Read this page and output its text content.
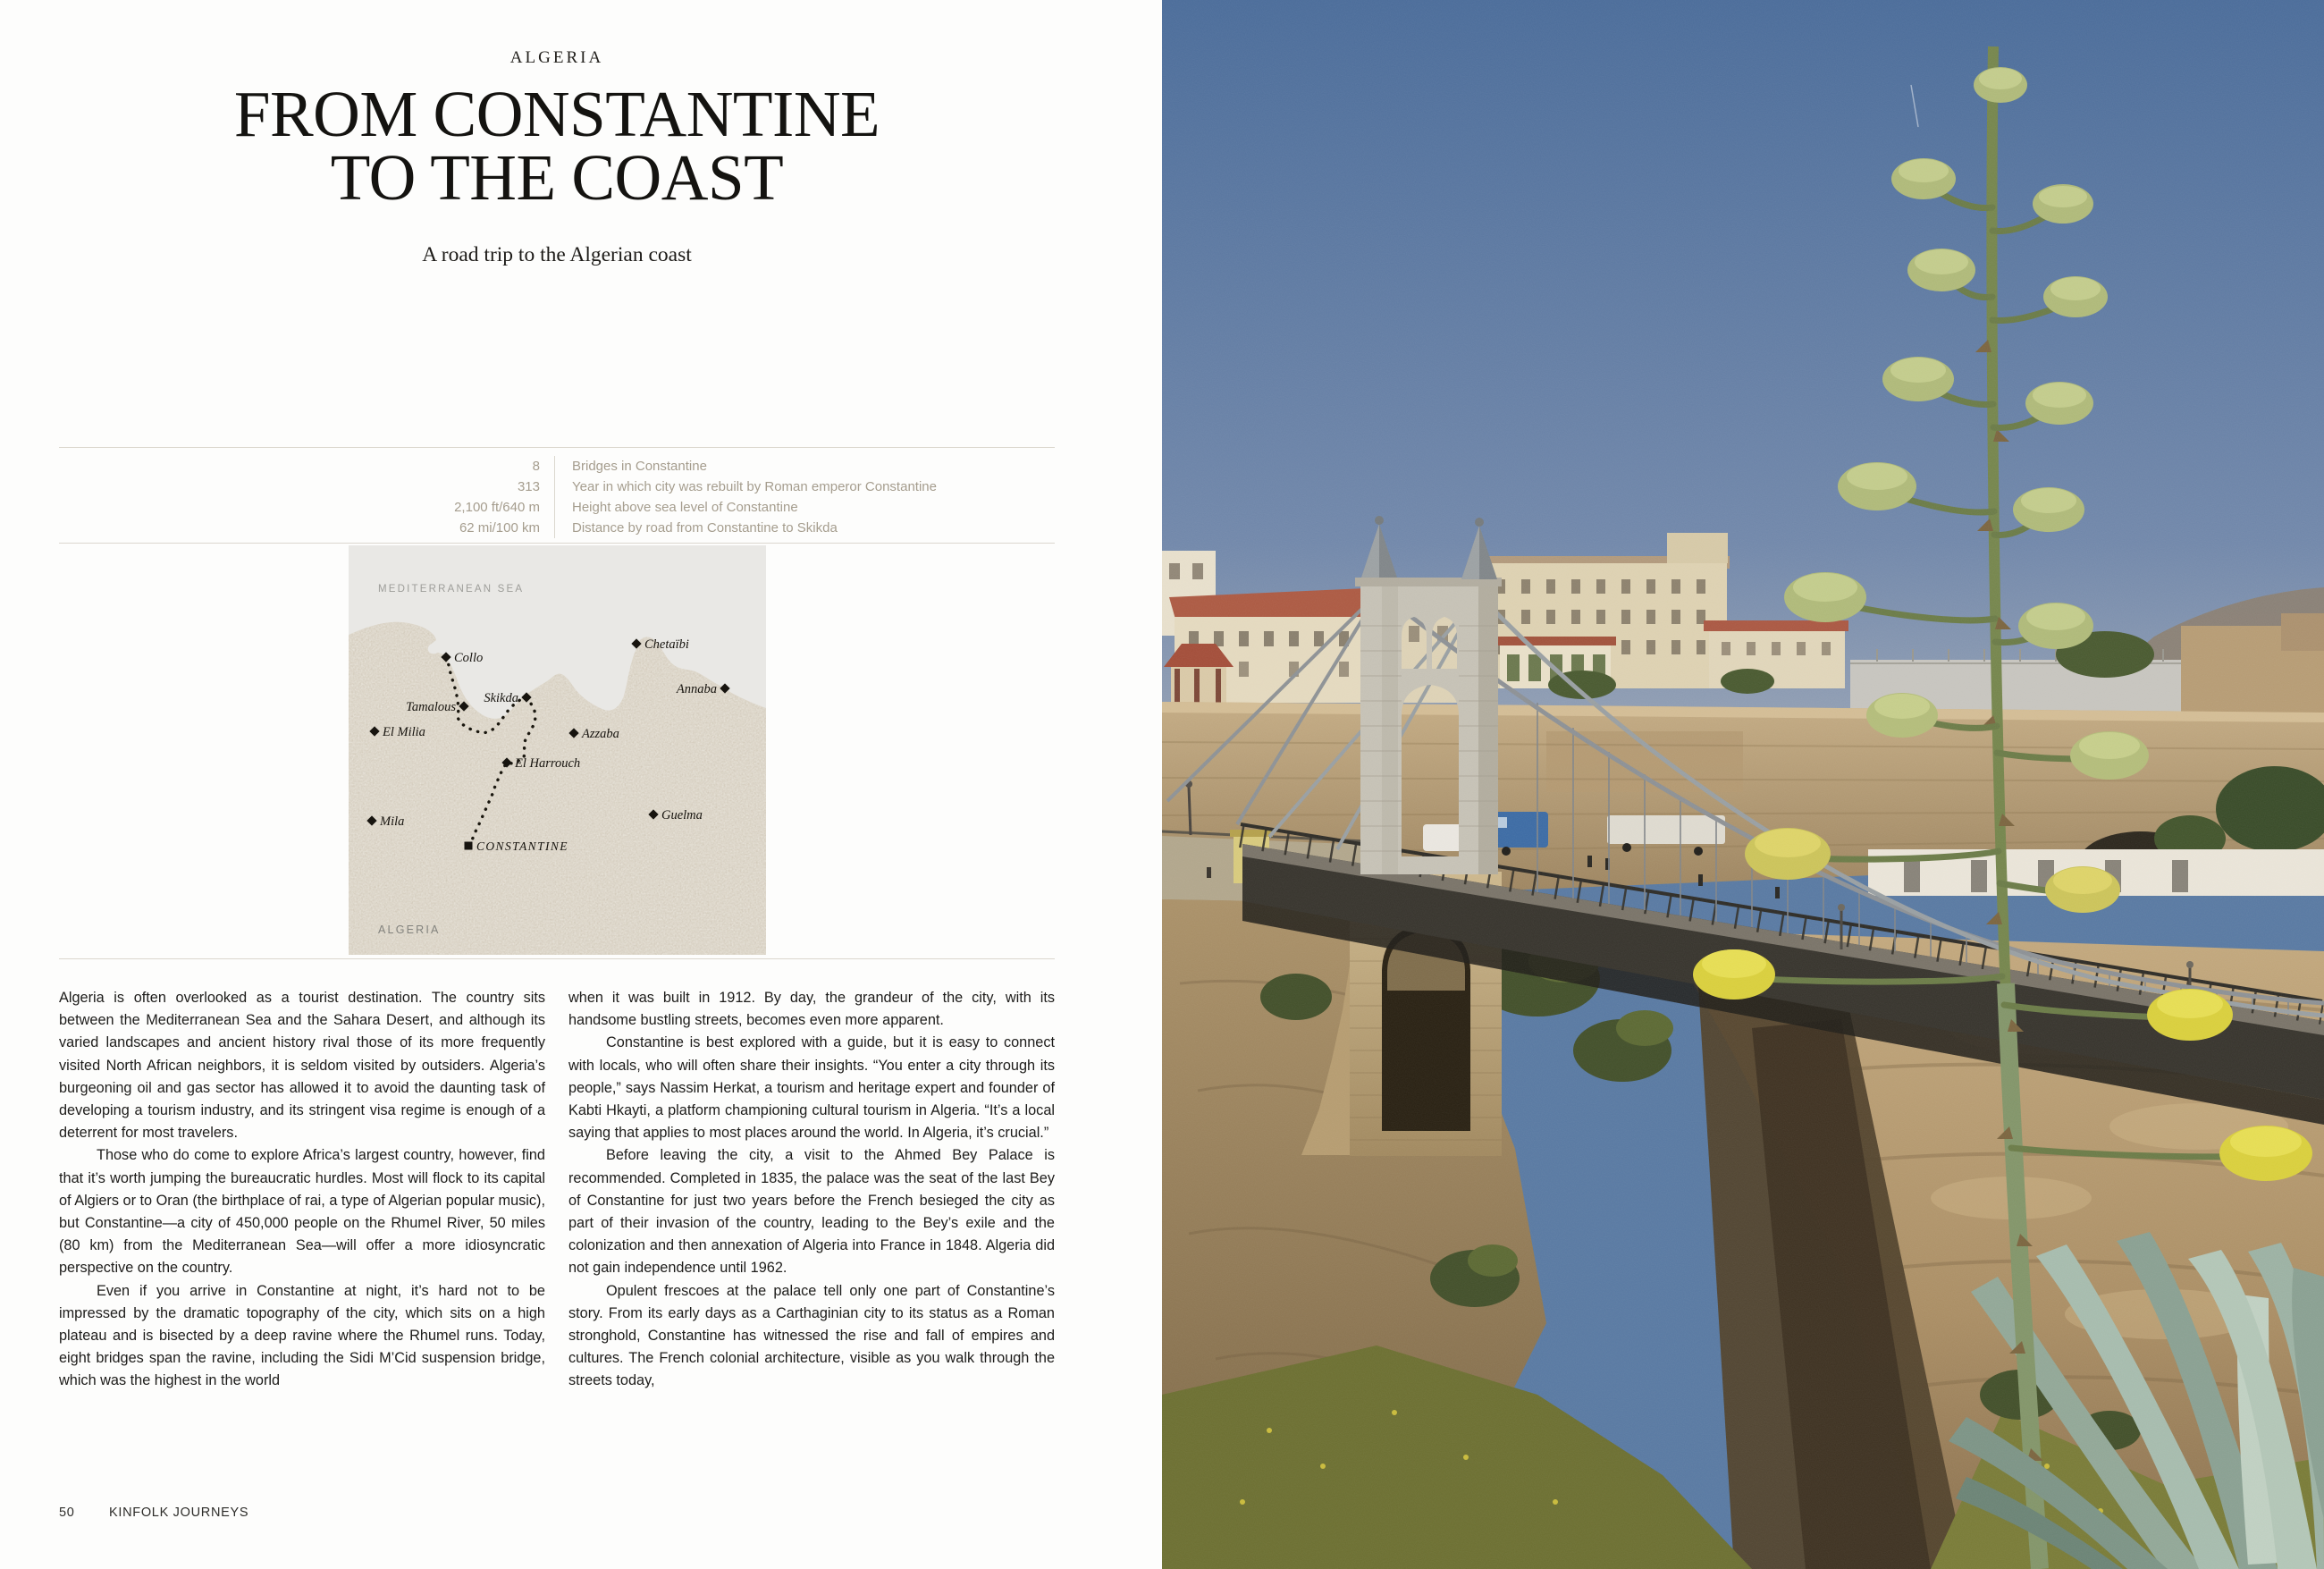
ALGERIA
FROM CONSTANTINE
TO THE COAST
A road trip to the Algerian coast
8	Bridges in Constantine
313	Year in which city was rebuilt by Roman emperor Constantine
2,100 ft/640 m	Height above sea level of Constantine
62 mi/100 km	Distance by road from Constantine to Skikda
MEDITERRANEAN SEA
ALGERIA
Collo
Chetaïbi
Annaba
Tamalous
Skikda
El Milia	Azzaba
El Harrouch
Mila	Guelma
CONSTANTINE

Algeria is often overlooked as a tourist destination. The country sits between the Mediterranean Sea and the Sahara Desert, and although its varied landscapes and ancient history rival those of its more frequently visited North African neighbors, it is seldom visited by outsiders. Algeria’s burgeoning oil and gas sector has allowed it to avoid the daunting task of developing a tourism industry, and its stringent visa regime is enough of a deterrent for most travelers.

Those who do come to explore Africa’s largest country, however, find that it’s worth jumping the bureaucratic hurdles. Most will flock to its capital of Algiers or to Oran (the birthplace of rai, a type of Algerian popular music), but Constantine—a city of 450,000 people on the Rhumel River, 50 miles (80 km) from the Mediterranean Sea—will offer a more idiosyncratic perspective on the country.

Even if you arrive in Constantine at night, it’s hard not to be impressed by the dramatic topography of the city, which sits on a high plateau and is bisected by a deep ravine where the Rhumel runs. Today, eight bridges span the ravine, including the Sidi M’Cid suspension bridge, which was the highest in the world

when it was built in 1912. By day, the grandeur of the city, with its handsome bustling streets, becomes even more apparent.

Constantine is best explored with a guide, but it is easy to connect with locals, who will often share their insights. “You enter a city through its people,” says Nassim Herkat, a tourism and heritage expert and founder of Kabti Hkayti, a platform championing cultural tourism in Algeria. “It’s a local saying that applies to most places around the world. In Algeria, it’s crucial.”

Before leaving the city, a visit to the Ahmed Bey Palace is recommended. Completed in 1835, the palace was the seat of the last Bey of Constantine for just two years before the French besieged the city as part of their invasion of the country, leading to the Bey’s exile and the colonization and then annexation of Algeria into France in 1848. Algeria did not gain independence until 1962.

Opulent frescoes at the palace tell only one part of Constantine’s story. From its early days as a Carthaginian city to its status as a Roman stronghold, Constantine has witnessed the rise and fall of empires and cultures. The French colonial architecture, visible as you walk through the streets today,

50	KINFOLK JOURNEYS
